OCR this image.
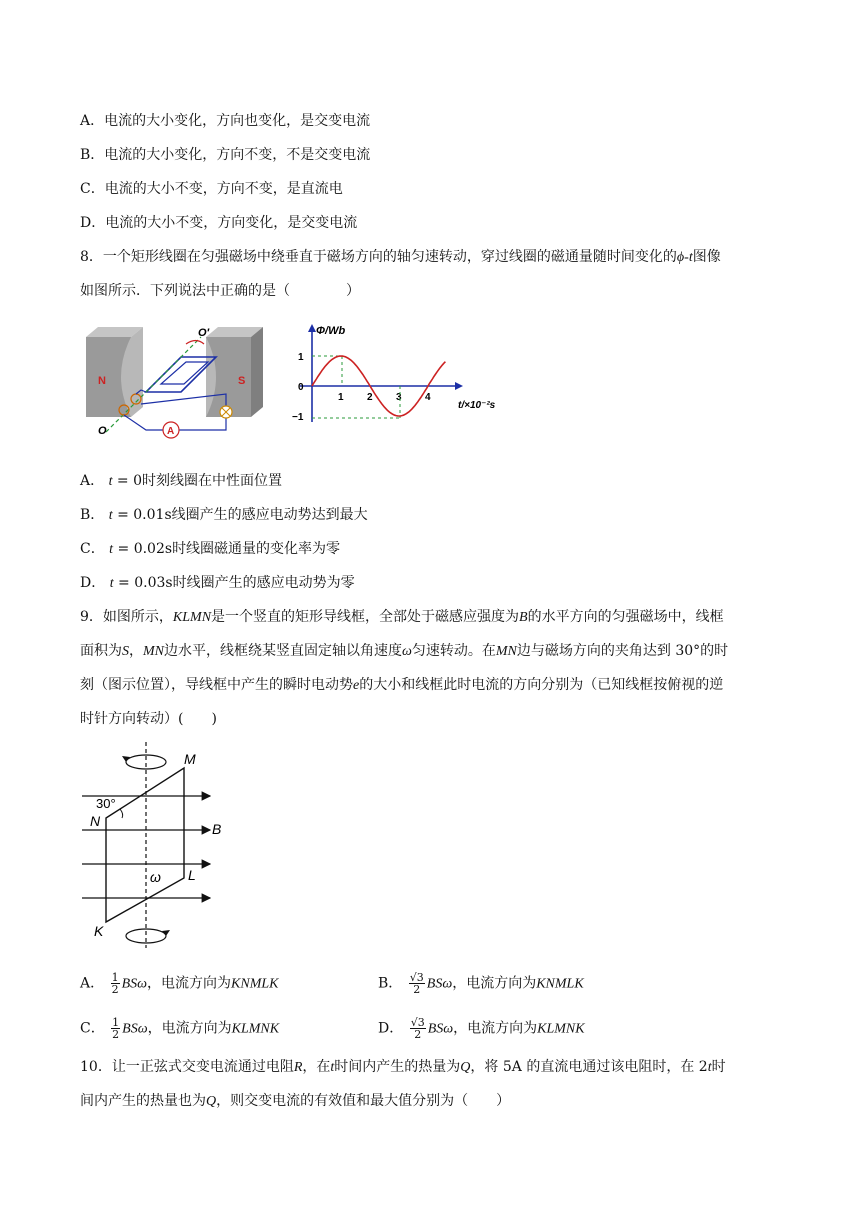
A．电流的大小变化，方向也变化，是交变电流
B．电流的大小变化，方向不变，不是交变电流
C．电流的大小不变，方向不变，是直流电
D．电流的大小不变，方向变化，是交变电流
8．一个矩形线圈在匀强磁场中绕垂直于磁场方向的轴匀速转动，穿过线圈的磁通量随时间变化的ϕ-t图像
如图所示．下列说法中正确的是（　　　　）
N	S
O′
O	A
Φ/Wb
t/×10⁻²s
1
0
−1
1 2 3 4
A． t = 0时刻线圈在中性面位置
B． t = 0.01s线圈产生的感应电动势达到最大
C． t = 0.02s时线圈磁通量的变化率为零
D． t = 0.03s时线圈产生的感应电动势为零
9．如图所示，KLMN是一个竖直的矩形导线框，全部处于磁感应强度为B的水平方向的匀强磁场中，线框
面积为S，MN边水平，线框绕某竖直固定轴以角速度ω匀速转动。在MN边与磁场方向的夹角达到 30°的时
刻（图示位置），导线框中产生的瞬时电动势e的大小和线框此时电流的方向分别为（已知线框按俯视的逆
时针方向转动）(　　)
B
30°
M
N
K
L
ω
A． $\frac{1}{2}$ BSω，电流方向为KNMLK	B． $\frac{√3}{2}$ BSω，电流方向为KNMLK
C． $\frac{1}{2}$ BSω，电流方向为KLMNK	D． $\frac{√3}{2}$ BSω，电流方向为KLMNK
10．让一正弦式交变电流通过电阻R，在t时间内产生的热量为Q，将 5A 的直流电通过该电阻时，在 2t时
间内产生的热量也为Q，则交变电流的有效值和最大值分别为（　　）
